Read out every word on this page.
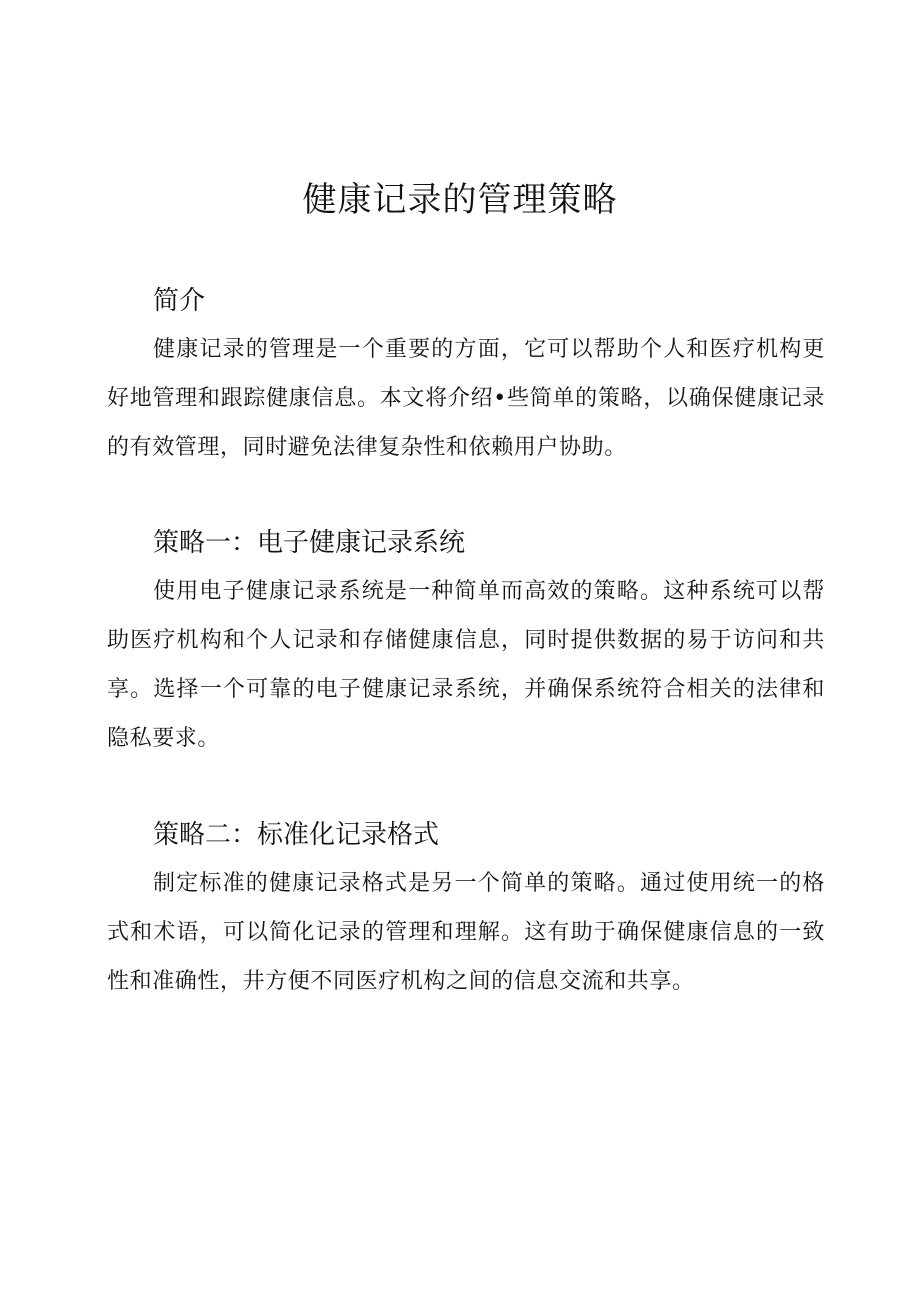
健康记录的管理策略
简介

健康记录的管理是一个重要的方面，它可以帮助个人和医疗机构更好地管理和跟踪健康信息。本文将介绍•些简单的策略，以确保健康记录的有效管理，同时避免法律复杂性和依赖用户协助。

策略一：电子健康记录系统

使用电子健康记录系统是一种简单而高效的策略。这种系统可以帮助医疗机构和个人记录和存储健康信息，同时提供数据的易于访问和共享。选择一个可靠的电子健康记录系统，并确保系统符合相关的法律和隐私要求。

策略二：标准化记录格式

制定标准的健康记录格式是另一个简单的策略。通过使用统一的格式和术语，可以简化记录的管理和理解。这有助于确保健康信息的一致性和准确性，井方便不同医疗机构之间的信息交流和共享。
